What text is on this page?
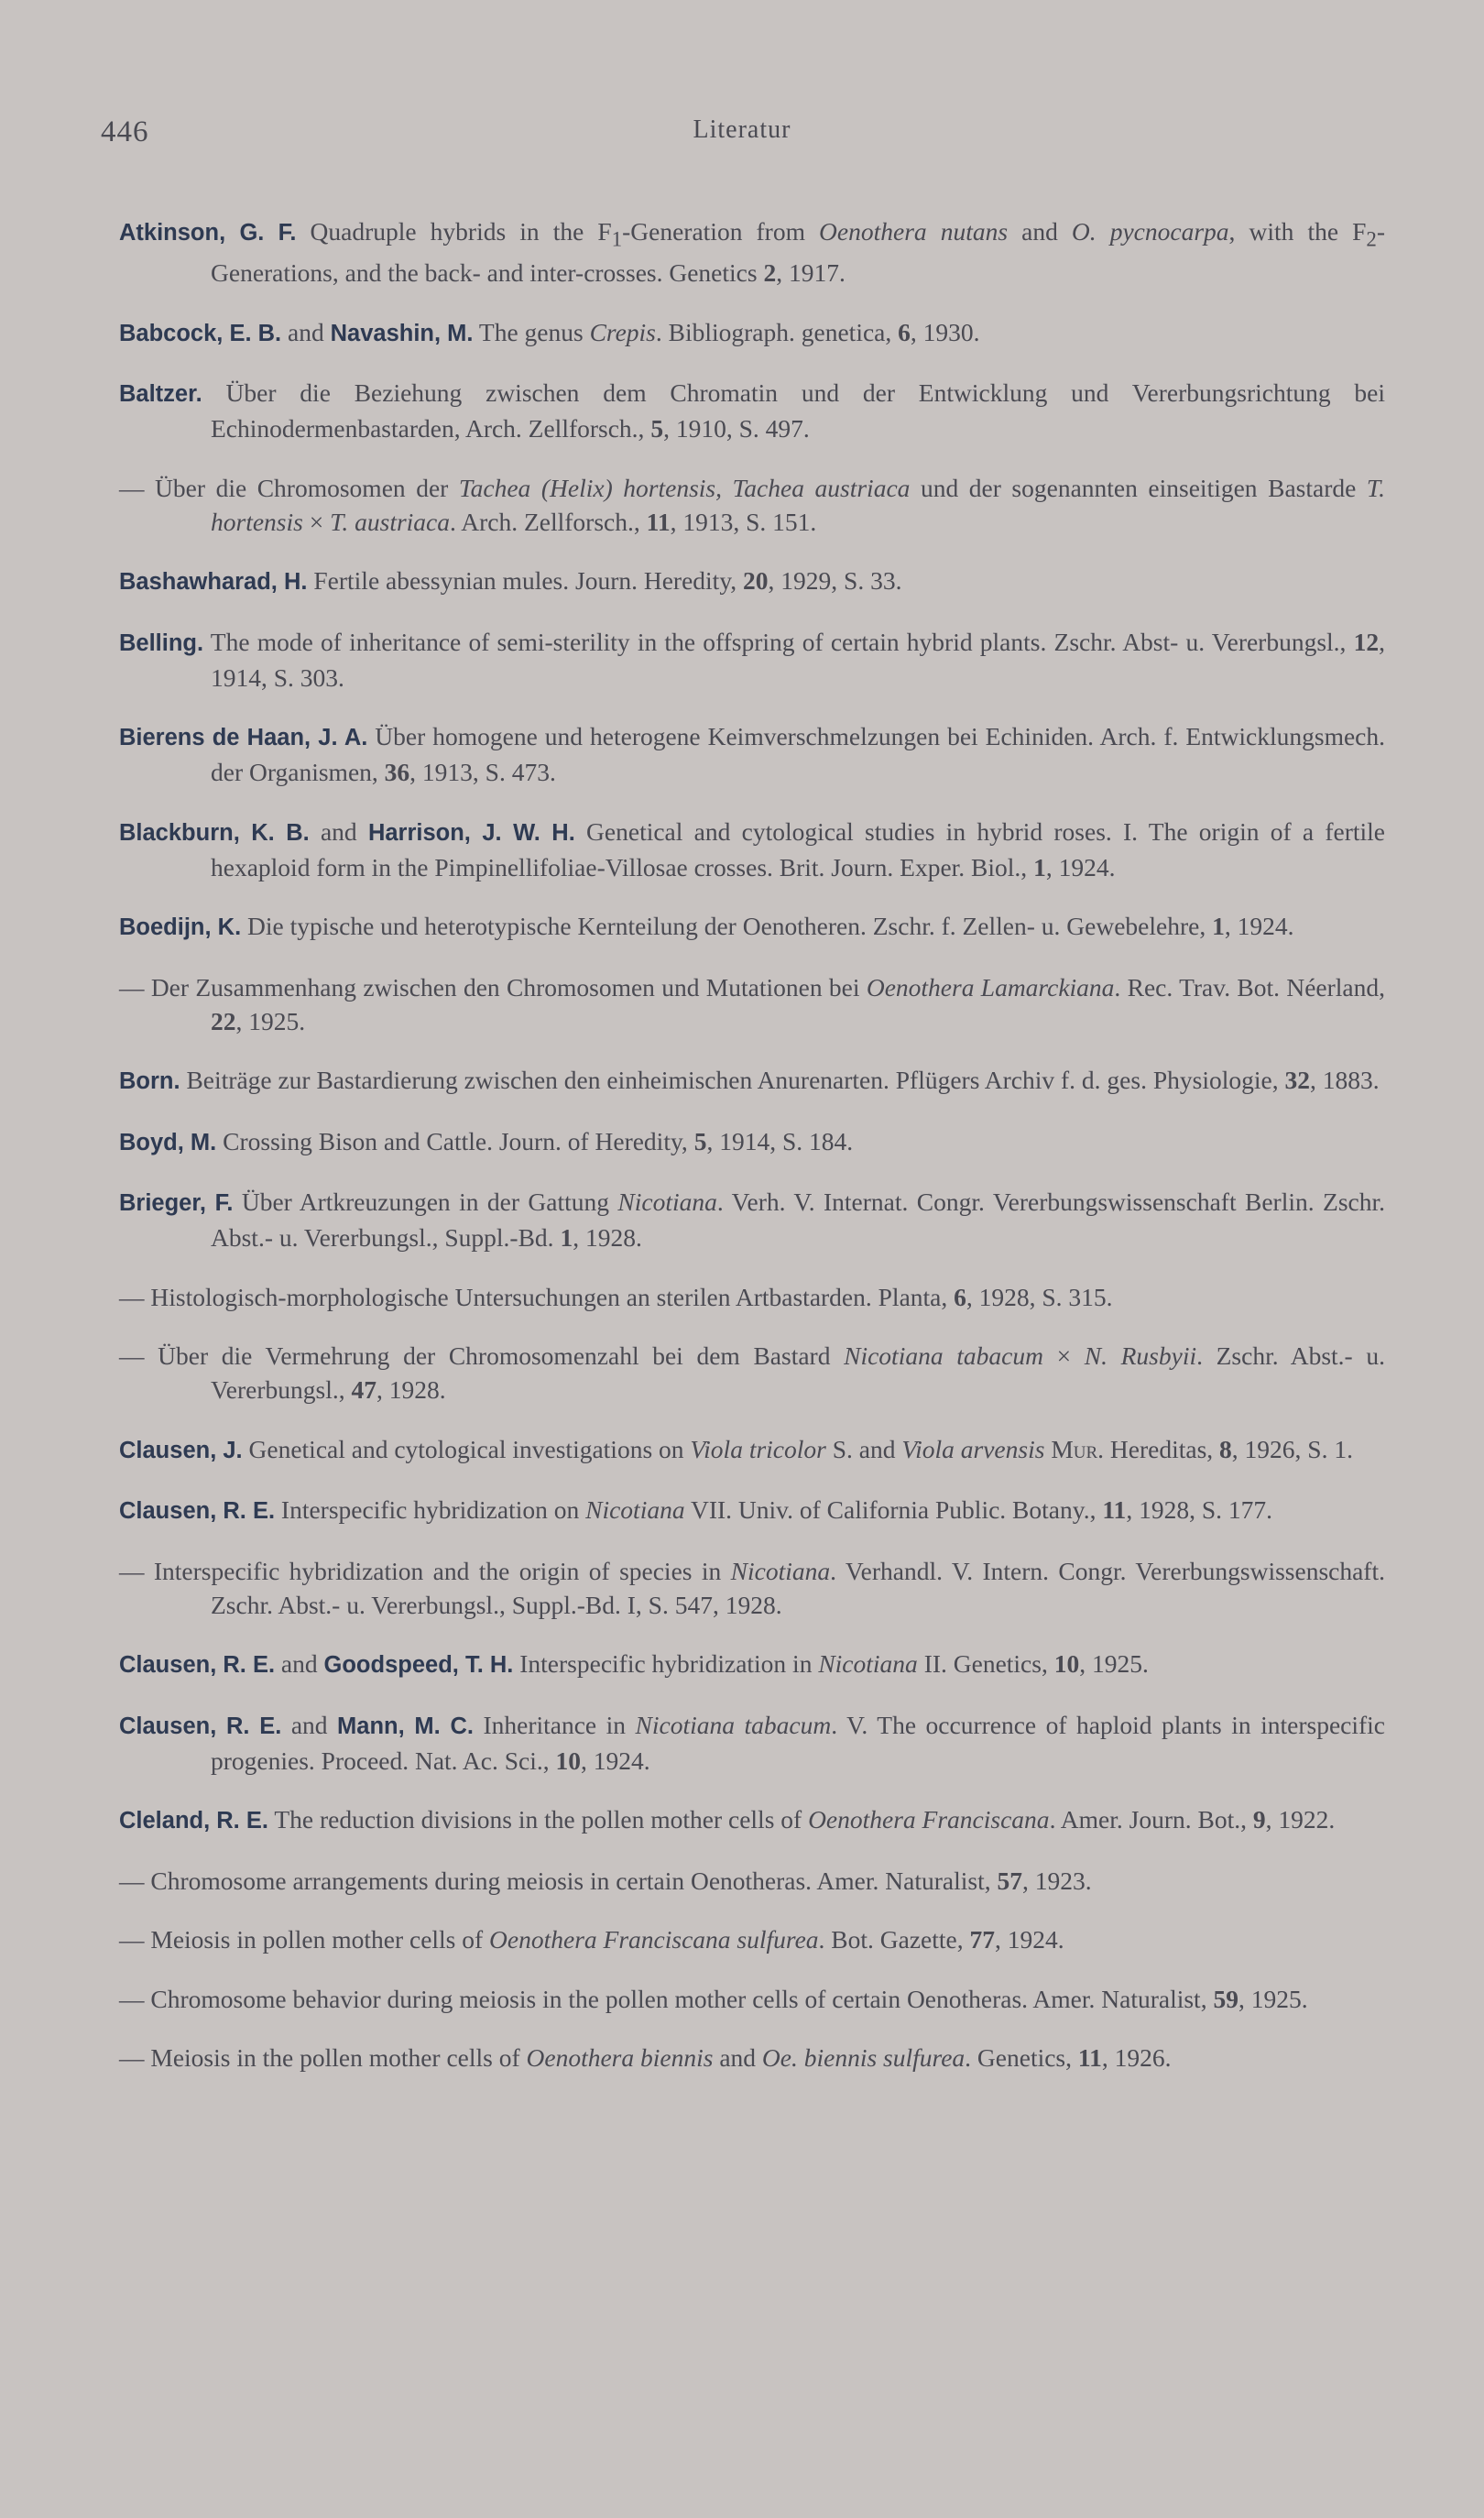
446	Literatur

Atkinson, G. F. Quadruple hybrids in the $F_1$-Generation from Oenothera nutans and O. pycnocarpa, with the $F_2$-Generations, and the back- and inter-crosses. Genetics 2, 1917.

Babcock, E. B. and Navashin, M. The genus Crepis. Bibliograph. genetica, 6, 1930.

Baltzer. Über die Beziehung zwischen dem Chromatin und der Entwicklung und Vererbungsrichtung bei Echinodermenbastarden, Arch. Zellforsch., 5, 1910, S. 497.

— Über die Chromosomen der Tachea (Helix) hortensis, Tachea austriaca und der sogenannten einseitigen Bastarde T. hortensis × T. austriaca. Arch. Zellforsch., 11, 1913, S. 151.

Bashawharad, H. Fertile abessynian mules. Journ. Heredity, 20, 1929, S. 33.

Belling. The mode of inheritance of semi-sterility in the offspring of certain hybrid plants. Zschr. Abst- u. Vererbungsl., 12, 1914, S. 303.

Bierens de Haan, J. A. Über homogene und heterogene Keimverschmelzungen bei Echiniden. Arch. f. Entwicklungsmech. der Organismen, 36, 1913, S. 473.

Blackburn, K. B. and Harrison, J. W. H. Genetical and cytological studies in hybrid roses. I. The origin of a fertile hexaploid form in the Pimpinellifoliae-Villosae crosses. Brit. Journ. Exper. Biol., 1, 1924.

Boedijn, K. Die typische und heterotypische Kernteilung der Oenotheren. Zschr. f. Zellen- u. Gewebelehre, 1, 1924.

— Der Zusammenhang zwischen den Chromosomen und Mutationen bei Oenothera Lamarckiana. Rec. Trav. Bot. Néerland, 22, 1925.

Born. Beiträge zur Bastardierung zwischen den einheimischen Anurenarten. Pflügers Archiv f. d. ges. Physiologie, 32, 1883.

Boyd, M. Crossing Bison and Cattle. Journ. of Heredity, 5, 1914, S. 184.

Brieger, F. Über Artkreuzungen in der Gattung Nicotiana. Verh. V. Internat. Congr. Vererbungswissenschaft Berlin. Zschr. Abst.- u. Vererbungsl., Suppl.-Bd. 1, 1928.

— Histologisch-morphologische Untersuchungen an sterilen Artbastarden. Planta, 6, 1928, S. 315.

— Über die Vermehrung der Chromosomenzahl bei dem Bastard Nicotiana tabacum × N. Rusbyii. Zschr. Abst.- u. Vererbungsl., 47, 1928.

Clausen, J. Genetical and cytological investigations on Viola tricolor S. and Viola arvensis Mur. Hereditas, 8, 1926, S. 1.

Clausen, R. E. Interspecific hybridization on Nicotiana VII. Univ. of California Public. Botany., 11, 1928, S. 177.

— Interspecific hybridization and the origin of species in Nicotiana. Verhandl. V. Intern. Congr. Vererbungswissenschaft. Zschr. Abst.- u. Vererbungsl., Suppl.-Bd. I, S. 547, 1928.

Clausen, R. E. and Goodspeed, T. H. Interspecific hybridization in Nicotiana II. Genetics, 10, 1925.

Clausen, R. E. and Mann, M. C. Inheritance in Nicotiana tabacum. V. The occurrence of haploid plants in interspecific progenies. Proceed. Nat. Ac. Sci., 10, 1924.

Cleland, R. E. The reduction divisions in the pollen mother cells of Oenothera Franciscana. Amer. Journ. Bot., 9, 1922.

— Chromosome arrangements during meiosis in certain Oenotheras. Amer. Naturalist, 57, 1923.

— Meiosis in pollen mother cells of Oenothera Franciscana sulfurea. Bot. Gazette, 77, 1924.

— Chromosome behavior during meiosis in the pollen mother cells of certain Oenotheras. Amer. Naturalist, 59, 1925.

— Meiosis in the pollen mother cells of Oenothera biennis and Oe. biennis sulfurea. Genetics, 11, 1926.
